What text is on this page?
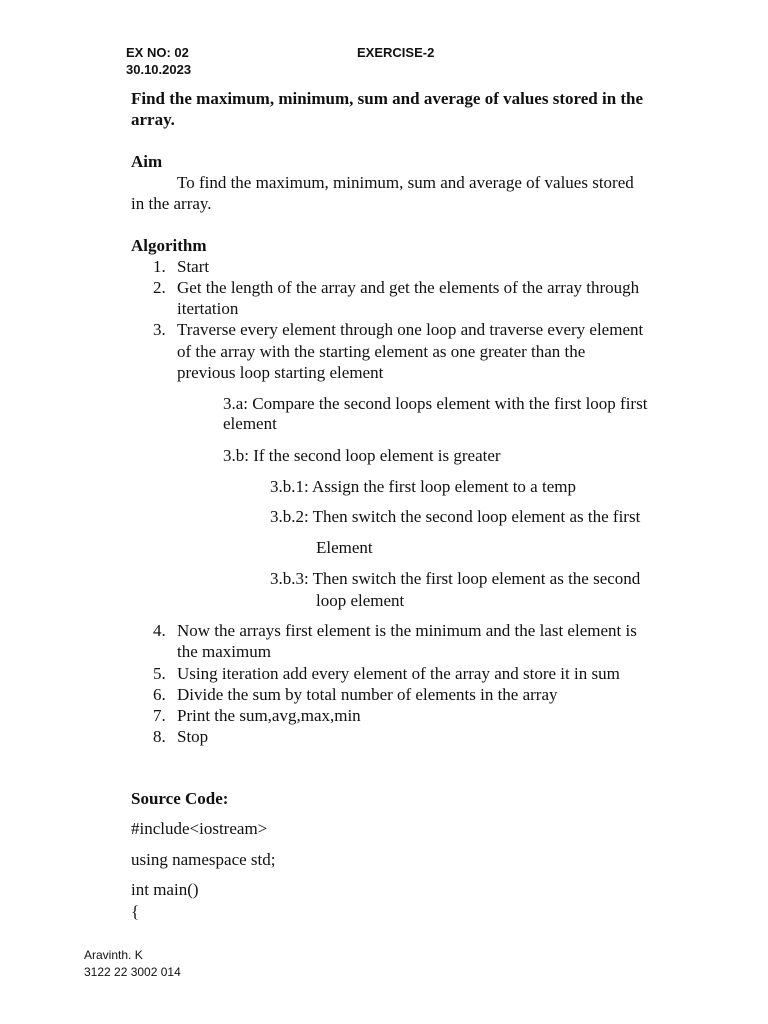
EX NO: 02	EXERCISE-2
30.10.2023
Find the maximum, minimum, sum and average of values stored in the
array.
Aim
To find the maximum, minimum, sum and average of values stored
in the array.
Algorithm
1. Start
2. Get the length of the array and get the elements of the array through
itertation
3. Traverse every element through one loop and traverse every element
of the array with the starting element as one greater than the
previous loop starting element
3.a: Compare the second loops element with the first loop first
element
3.b: If the second loop element is greater
3.b.1: Assign the first loop element to a temp
3.b.2: Then switch the second loop element as the first
Element
3.b.3: Then switch the first loop element as the second
loop element
4. Now the arrays first element is the minimum and the last element is
the maximum
5. Using iteration add every element of the array and store it in sum
6. Divide the sum by total number of elements in the array
7. Print the sum,avg,max,min
8. Stop
Source Code:
#include<iostream>
using namespace std;
int main()
{
Aravinth. K
3122 22 3002 014
